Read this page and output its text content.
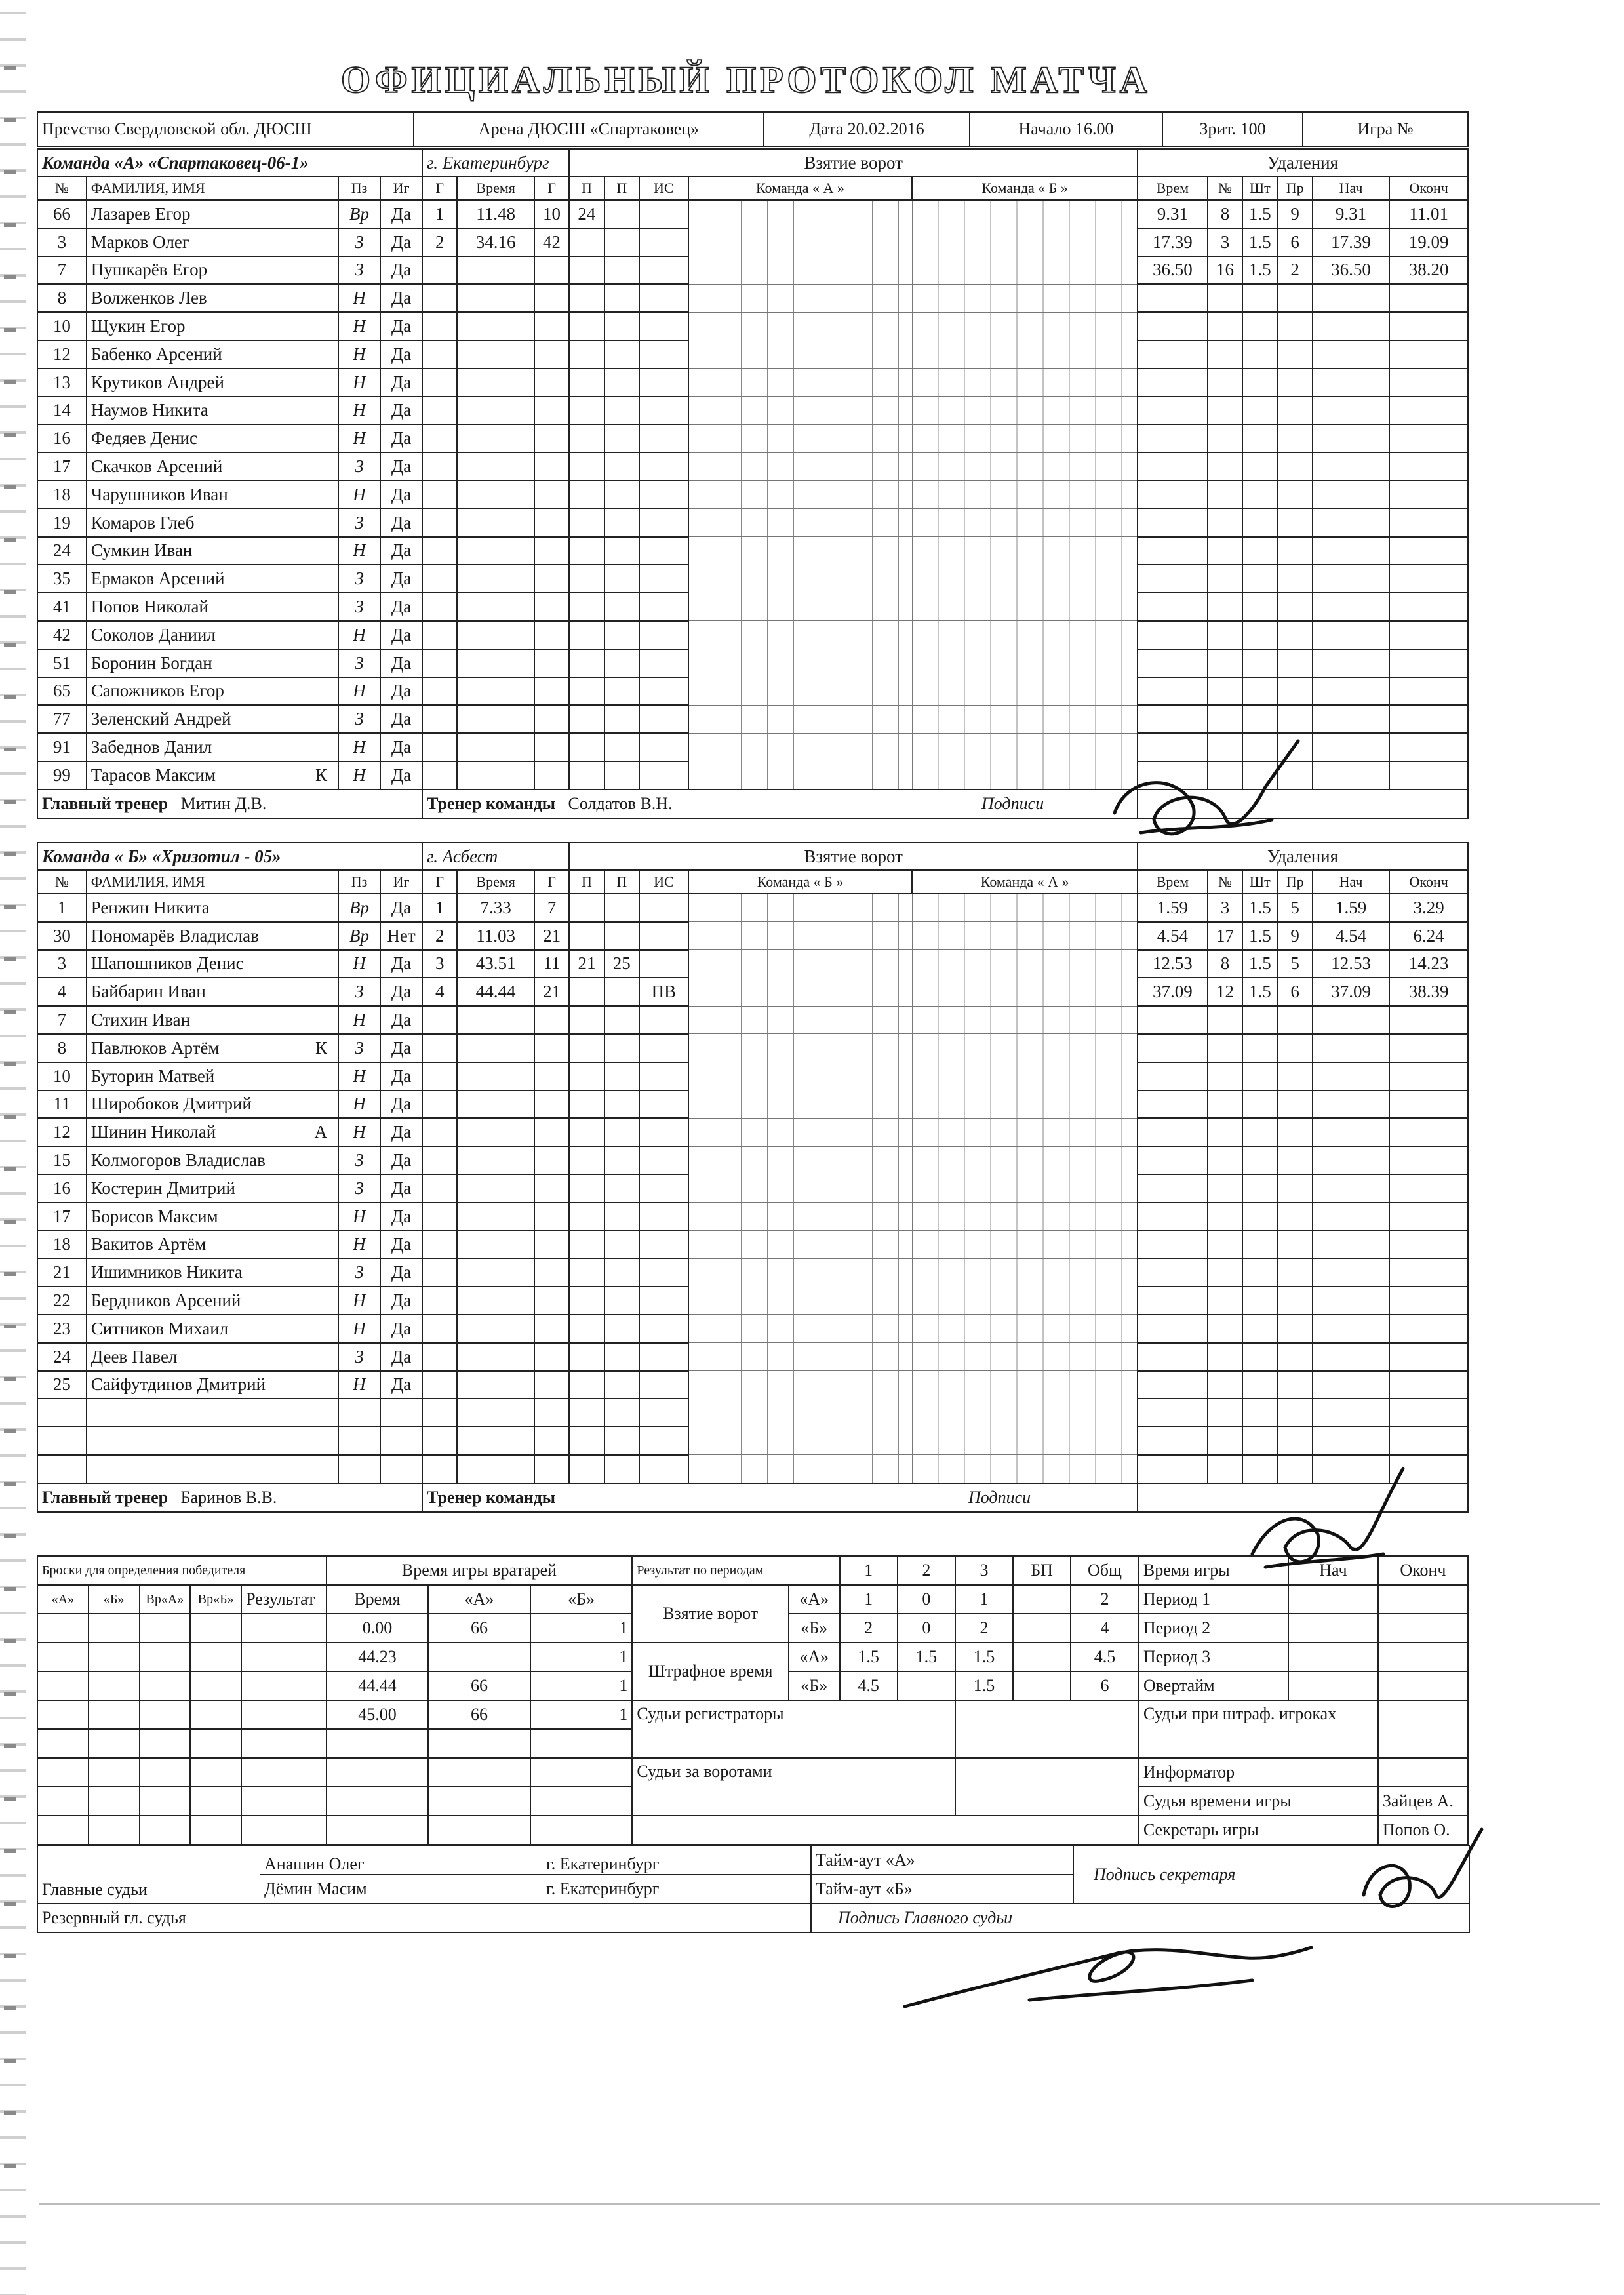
ОФИЦИАЛЬНЫЙ ПРОТОКОЛ МАТЧА
Прevство Свердловской обл. ДЮСШ	Арена ДЮСШ «Спартаковец»	Дата 20.02.2016	Начало 16.00	Зрит. 100	Игра №
Команда «А» «Спартаковец-06-1»				г. Екатеринбург			Взятие ворот					Удаления					
№	ФАМИЛИЯ, ИМЯ	Пз	Иг	Г	Время	Г	П	П	ИС	Команда « А »	Команда « Б »	Врем	№	Шт	Пр	Нач	Оконч
66	Лазарев Егор	Вр	Да	1	11.48	10	24					9.31	8	1.5	9	9.31	11.01
3	Марков Олег	З	Да	2	34.16	42						17.39	3	1.5	6	17.39	19.09
7	Пушкарёв Егор	З	Да									36.50	16	1.5	2	36.50	38.20
8	Волженков Лев	Н	Да														
10	Щукин Егор	Н	Да														
12	Бабенко Арсений	Н	Да														
13	Крутиков Андрей	Н	Да														
14	Наумов Никита	Н	Да														
16	Федяев Денис	Н	Да														
17	Скачков Арсений	З	Да														
18	Чарушников Иван	Н	Да														
19	Комаров Глеб	З	Да														
24	Сумкин Иван	Н	Да														
35	Ермаков Арсений	З	Да														
41	Попов Николай	З	Да														
42	Соколов Даниил	Н	Да														
51	Боронин Богдан	З	Да														
65	Сапожников Егор	Н	Да														
77	Зеленский Андрей	З	Да														
91	Забеднов Данил	Н	Да														
99	Тарасов Максим К	Н	Да														
Главный тренер Митин Д.В.				Тренер команды Солдатов В.Н. Подписи													

Команда « Б» «Хризотил - 05»				г. Асбест			Взятие ворот					Удаления					
№	ФАМИЛИЯ, ИМЯ	Пз	Иг	Г	Время	Г	П	П	ИС	Команда « Б »	Команда « А »	Врем	№	Шт	Пр	Нач	Оконч
1	Ренжин Никита	Вр	Да	1	7.33	7						1.59	3	1.5	5	1.59	3.29
30	Пономарёв Владислав	Вр	Нет	2	11.03	21						4.54	17	1.5	9	4.54	6.24
3	Шапошников Денис	Н	Да	3	43.51	11	21	25				12.53	8	1.5	5	12.53	14.23
4	Байбарин Иван	З	Да	4	44.44	21			ПВ			37.09	12	1.5	6	37.09	38.39
7	Стихин Иван	Н	Да														
8	Павлюков Артём К	З	Да														
10	Буторин Матвей	Н	Да														
11	Широбоков Дмитрий	Н	Да														
12	Шинин Николай А	Н	Да														
15	Колмогоров Владислав	З	Да														
16	Костерин Дмитрий	З	Да														
17	Борисов Максим	Н	Да														
18	Вакитов Артём	Н	Да														
21	Ишимников Никита	З	Да														
22	Бердников Арсений	Н	Да														
23	Ситников Михаил	Н	Да														
24	Деев Павел	З	Да														
25	Сайфутдинов Дмитрий	Н	Да														

Главный тренер Баринов В.В.				Тренер команды Подписи													

Броски для определения победителя					Время игры вратарей			Результат по периодам		1	2	3	БП	Общ	Время игры	Нач	Оконч
«А»	«Б»	Вр«А»	Вр«Б»	Результат	Время	«А»	«Б»	Взятие ворот	«А»	1	0	1		2	Период 1		
					0.00	66	1		«Б»	2	0	2		4	Период 2		
					44.23		1	Штрафное время	«А»	1.5	1.5	1.5		4.5	Период 3		
					44.44	66	1		«Б»	4.5		1.5		6	Овертайм		
					45.00	66	1	Судьи регистраторы							Судьи при штраф. игроках		

								Судьи за воротами							Информатор		
															Судья времени игры		Зайцев А.
															Секретарь игры		Попов О.
Главные судьи	Анашин Олег	г. Екатеринбург	Тайм-аут «А»	Подпись секретаря
	Дёмин Масим	г. Екатеринбург	Тайм-аут «Б»	
Резервный гл. судья			Подпись Главного судьи	
